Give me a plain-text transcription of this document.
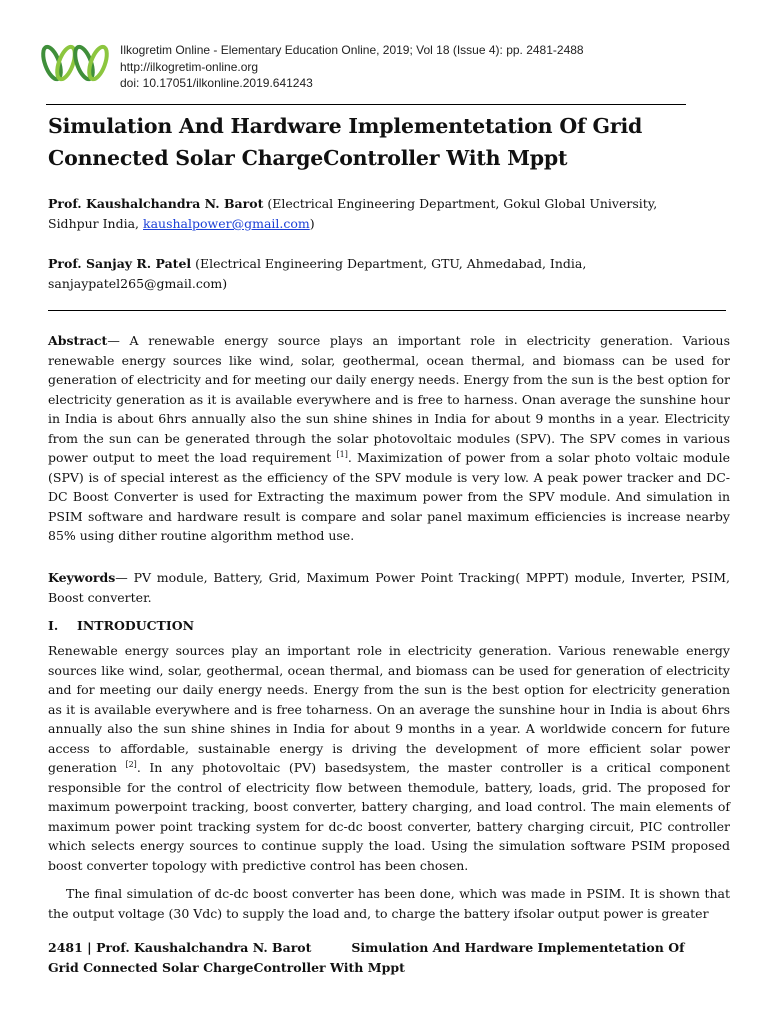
Ilkogretim Online - Elementary Education Online, 2019; Vol 18 (Issue 4): pp. 2481-2488
http://ilkogretim-online.org
doi: 10.17051/ilkonline.2019.641243
Simulation And Hardware Implementetation Of Grid
Connected Solar ChargeController With Mppt
Prof. Kaushalchandra N. Barot (Electrical Engineering Department, Gokul Global University,
Sidhpur India, kaushalpower@gmail.com)
Prof. Sanjay R. Patel (Electrical Engineering Department, GTU, Ahmedabad, India,
sanjaypatel265@gmail.com)
Abstract— A renewable energy source plays an important role in electricity generation. Various renewable energy sources like wind, solar, geothermal, ocean thermal, and biomass can be used for generation of electricity and for meeting our daily energy needs. Energy from the sun is the best option for electricity generation as it is available everywhere and is free to harness. Onan average the sunshine hour in India is about 6hrs annually also the sun shine shines in India for about 9 months in a year. Electricity from the sun can be generated through the solar photovoltaic modules (SPV). The SPV comes in various power output to meet the load requirement [1]. Maximization of power from a solar photo voltaic module (SPV) is of special interest as the efficiency of the SPV module is very low. A peak power tracker and DC-DC Boost Converter is used for Extracting the maximum power from the SPV module. And simulation in PSIM software and hardware result is compare and solar panel maximum efficiencies is increase nearby 85% using dither routine algorithm method use.
Keywords— PV module, Battery, Grid, Maximum Power Point Tracking( MPPT) module, Inverter, PSIM, Boost converter.
I. INTRODUCTION
Renewable energy sources play an important role in electricity generation. Various renewable energy sources like wind, solar, geothermal, ocean thermal, and biomass can be used for generation of electricity and for meeting our daily energy needs. Energy from the sun is the best option for electricity generation as it is available everywhere and is free toharness. On an average the sunshine hour in India is about 6hrs annually also the sun shine shines in India for about 9 months in a year. A worldwide concern for future access to affordable, sustainable energy is driving the development of more efficient solar power generation [2]. In any photovoltaic (PV) basedsystem, the master controller is a critical component responsible for the control of electricity flow between themodule, battery, loads, grid. The proposed for maximum powerpoint tracking, boost converter, battery charging, and load control. The main elements of maximum power point tracking system for dc-dc boost converter, battery charging circuit, PIC controller which selects energy sources to continue supply the load. Using the simulation software PSIM proposed boost converter topology with predictive control has been chosen.
The final simulation of dc-dc boost converter has been done, which was made in PSIM. It is shown that the output voltage (30 Vdc) to supply the load and, to charge the battery ifsolar output power is greater
2481 | Prof. Kaushalchandra N. Barot	Simulation And Hardware Implementetation Of
Grid Connected Solar ChargeController With Mppt
